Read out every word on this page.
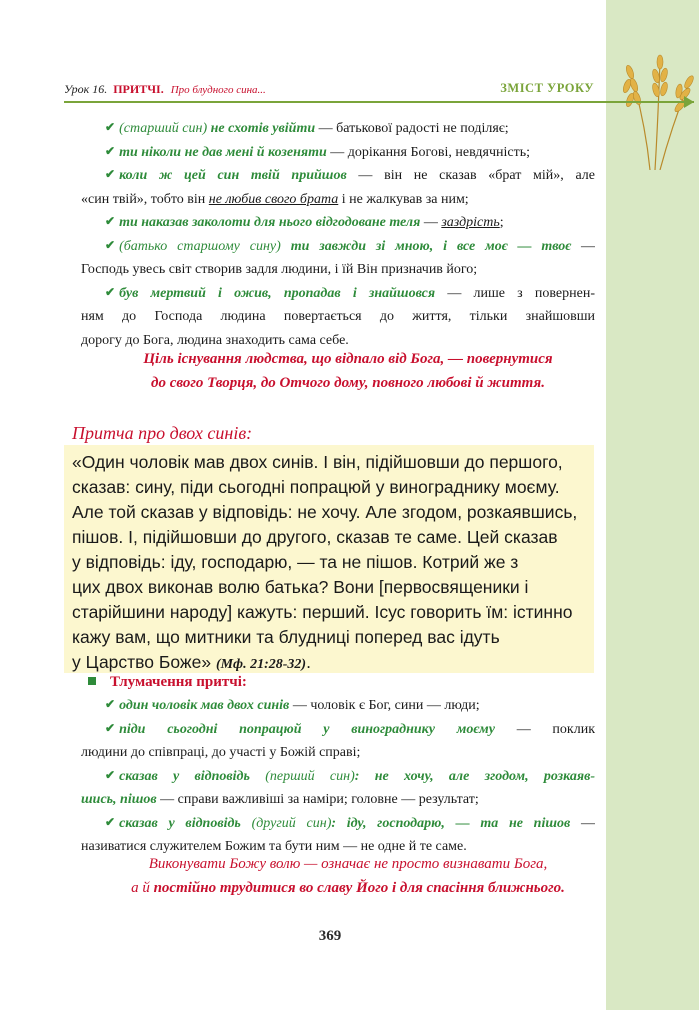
Урок 16. ПРИТЧІ. Про блудного сина...	ЗМІСТ УРОКУ
✔ (старший син) не схотів увійти — батькової радості не поділяє;
✔ ти ніколи не дав мені й козеняти — дорікання Богові, невдячність;
✔ коли ж цей син твій прийшов — він не сказав «брат мій», але
«син твій», тобто він не любив свого брата і не жалкував за ним;
✔ ти наказав заколоти для нього відгодоване теля — заздрість;
✔ (батько старшому сину) ти завжди зі мною, і все моє — твоє —
Господь увесь світ створив задля людини, і їй Він призначив його;
✔ був мертвий і ожив, пропадав і знайшовся — лише з повернен-
ням до Господа людина повертається до життя, тільки знайшовши
дорогу до Бога, людина знаходить сама себе.
Ціль існування людства, що відпало від Бога, — повернутися
до свого Творця, до Отчого дому, повного любові й життя.
Притча про двох синів:
«Один чоловік мав двох синів. І він, підійшовши до першого,
сказав: сину, піди сьогодні попрацюй у винограднику моєму.
Але той сказав у відповідь: не хочу. Але згодом, розкаявшись,
пішов. І, підійшовши до другого, сказав те саме. Цей сказав
у відповідь: іду, господарю, — та не пішов. Котрий же з
цих двох виконав волю батька? Вони [первосвященики і
старійшини народу] кажуть: перший. Ісус говорить їм: істинно
кажу вам, що митники та блудниці поперед вас ідуть
у Царство Боже» (Мф. 21:28-32).
Тлумачення притчі:
✔ один чоловік мав двох синів — чоловік є Бог, сини — люди;
✔ піди сьогодні попрацюй у винограднику моєму — поклик
людини до співпраці, до участі у Божій справі;
✔ сказав у відповідь (перший син): не хочу, але згодом, розкаяв-
шись, пішов — справи важливіші за наміри; головне — результат;
✔ сказав у відповідь (другий син): іду, господарю, — та не пішов —
називатися служителем Божим та бути ним — не одне й те саме.
Виконувати Божу волю — означає не просто визнавати Бога,
а й постійно трудитися во славу Його і для спасіння ближнього.
369
